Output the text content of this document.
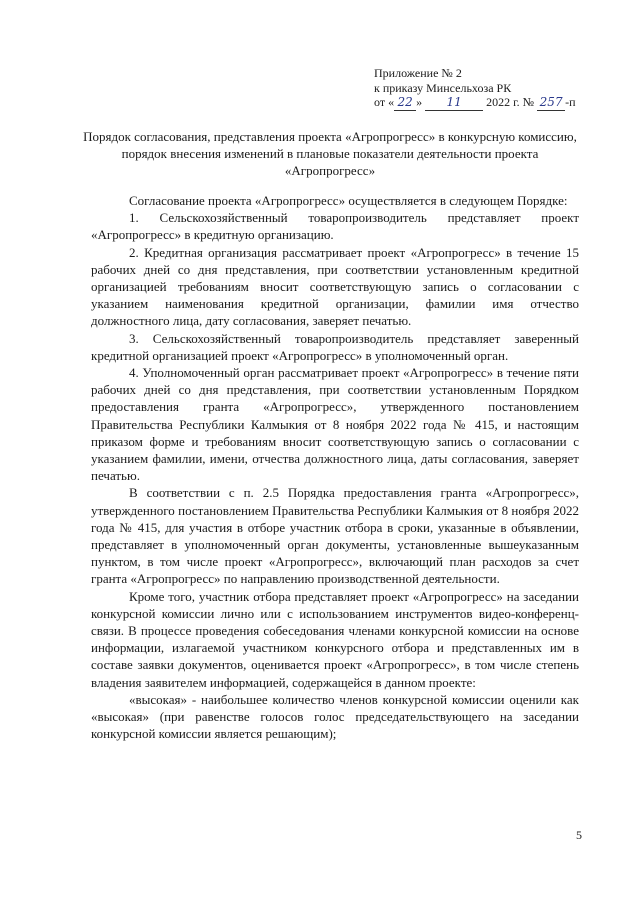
Приложение № 2
к приказу Минсельхоза РК
от « 22 » 11 2022 г. № 257 -п
Порядок согласования, представления проекта «Агропрогресс» в конкурсную комиссию, порядок внесения изменений в плановые показатели деятельности проекта «Агропрогресс»

Согласование проекта «Агропрогресс» осуществляется в следующем Порядке:

1. Сельскохозяйственный товаропроизводитель представляет проект «Агропрогресс» в кредитную организацию.

2. Кредитная организация рассматривает проект «Агропрогресс» в течение 15 рабочих дней со дня представления, при соответствии установленным кредитной организацией требованиям вносит соответствующую запись о согласовании с указанием наименования кредитной организации, фамилии имя отчество должностного лица, дату согласования, заверяет печатью.

3. Сельскохозяйственный товаропроизводитель представляет заверенный кредитной организацией проект «Агропрогресс» в уполномоченный орган.

4. Уполномоченный орган рассматривает проект «Агропрогресс» в течение пяти рабочих дней со дня представления, при соответствии установленным Порядком предоставления гранта «Агропрогресс», утвержденного постановлением Правительства Республики Калмыкия от 8 ноября 2022 года № 415, и настоящим приказом форме и требованиям вносит соответствующую запись о согласовании с указанием фамилии, имени, отчества должностного лица, даты согласования, заверяет печатью.

В соответствии с п. 2.5 Порядка предоставления гранта «Агропрогресс», утвержденного постановлением Правительства Республики Калмыкия от 8 ноября 2022 года № 415, для участия в отборе участник отбора в сроки, указанные в объявлении, представляет в уполномоченный орган документы, установленные вышеуказанным пунктом, в том числе проект «Агропрогресс», включающий план расходов за счет гранта «Агропрогресс» по направлению производственной деятельности.

Кроме того, участник отбора представляет проект «Агропрогресс» на заседании конкурсной комиссии лично или с использованием инструментов видео-конференц-связи. В процессе проведения собеседования членами конкурсной комиссии на основе информации, излагаемой участником конкурсного отбора и представленных им в составе заявки документов, оценивается проект «Агропрогресс», в том числе степень владения заявителем информацией, содержащейся в данном проекте:

«высокая» - наибольшее количество членов конкурсной комиссии оценили как «высокая» (при равенстве голосов голос председательствующего на заседании конкурсной комиссии является решающим);

5
